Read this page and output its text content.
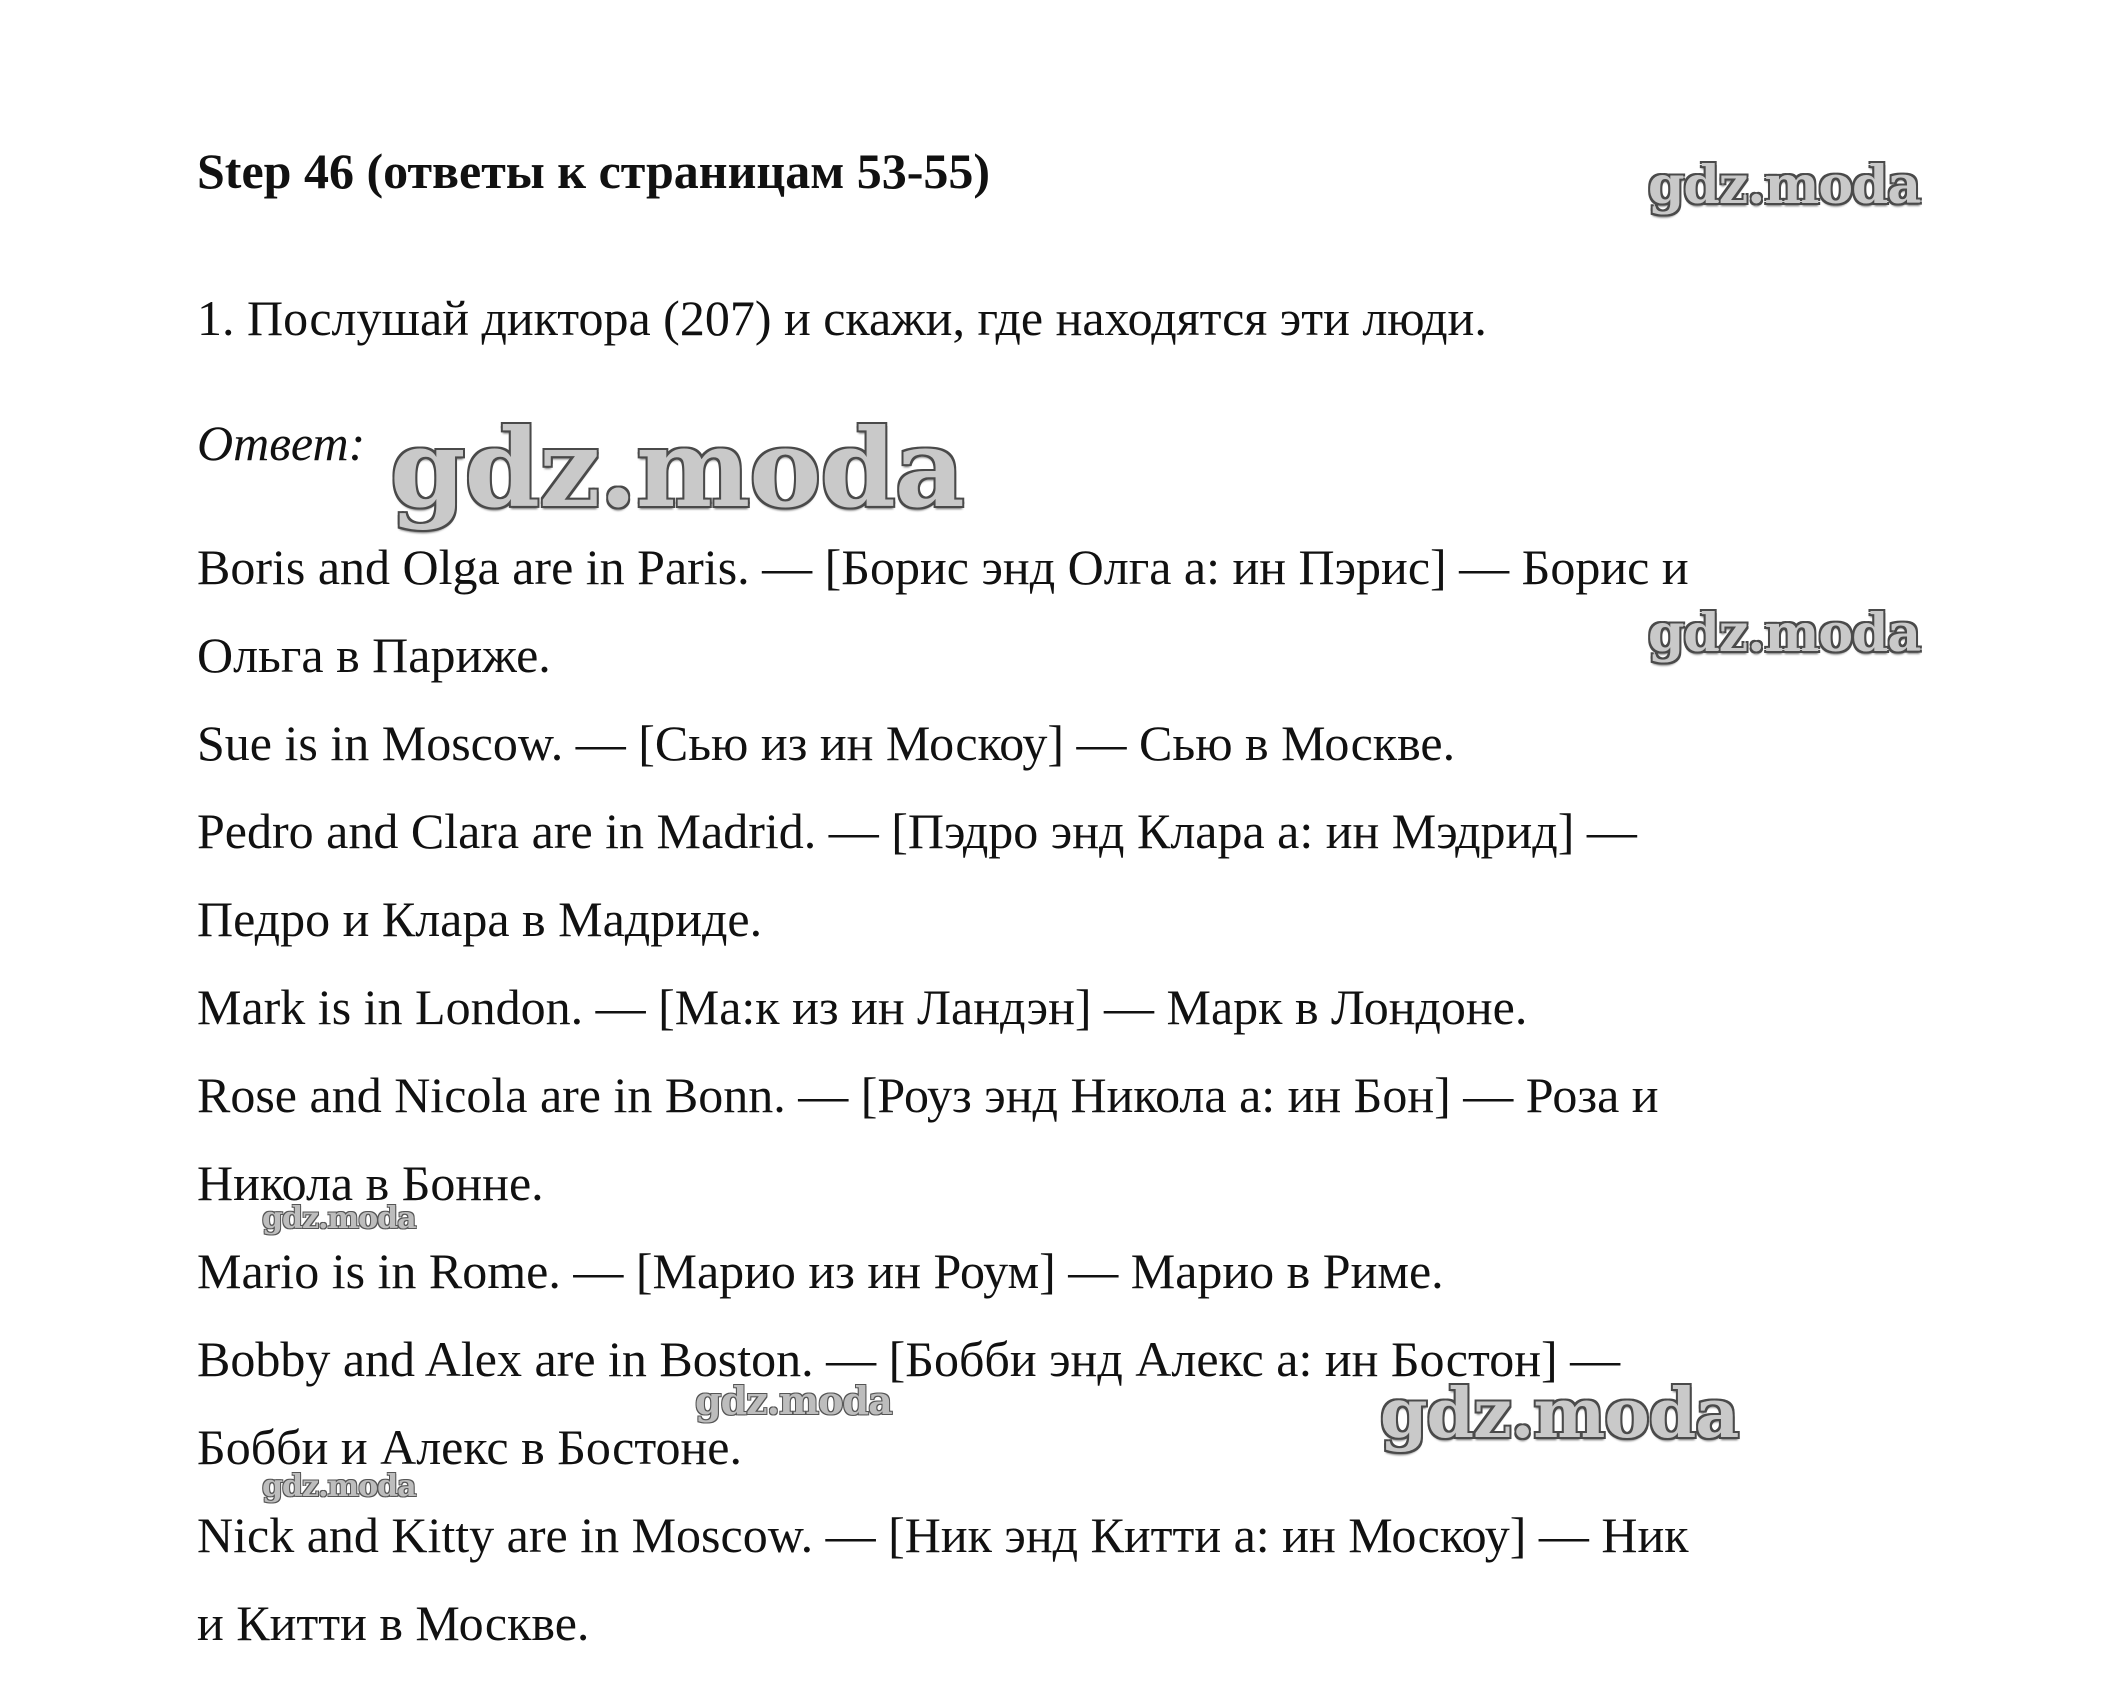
Step 46 (ответы к страницам 53-55)
1. Послушай диктора (207) и скажи, где находятся эти люди.
Ответ:
Boris and Olga are in Paris. — [Борис энд Олга а: ин Пэрис] — Борис и
Ольга в Париже.
Sue is in Moscow. — [Сью из ин Москоу] — Сью в Москве.
Pedro and Clara are in Madrid. — [Пэдро энд Клара а: ин Мэдрид] —
Педро и Клара в Мадриде.
Mark is in London. — [Ма:к из ин Ландэн] — Марк в Лондоне.
Rose and Nicola are in Bonn. — [Роуз энд Никола а: ин Бон] — Роза и
Никола в Бонне.
Mario is in Rome. — [Марио из ин Роум] — Марио в Риме.
Bobby and Alex are in Boston. — [Бобби энд Алекс а: ин Бостон] —
Бобби и Алекс в Бостоне.
Nick and Kitty are in Moscow. — [Ник энд Китти а: ин Москоу] — Ник
и Китти в Москве.
gdz.moda
gdz.moda
gdz.moda
gdz.moda
gdz.moda	gdz.moda
gdz.moda
